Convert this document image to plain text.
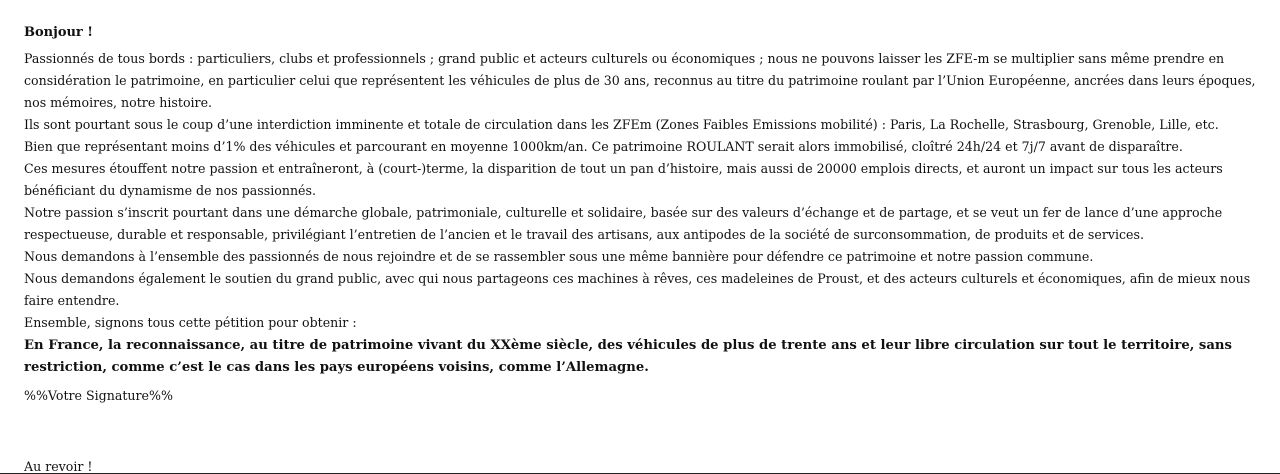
Bonjour !

Passionnés de tous bords : particuliers, clubs et professionnels ; grand public et acteurs culturels ou économiques ; nous ne pouvons laisser les ZFE-m se multiplier sans même prendre en considération le patrimoine, en particulier celui que représentent les véhicules de plus de 30 ans, reconnus au titre du patrimoine roulant par l’Union Européenne, ancrées dans leurs époques, nos mémoires, notre histoire.

Ils sont pourtant sous le coup d’une interdiction imminente et totale de circulation dans les ZFEm (Zones Faibles Emissions mobilité) : Paris, La Rochelle, Strasbourg, Grenoble, Lille, etc.

Bien que représentant moins d’1% des véhicules et parcourant en moyenne 1000km/an. Ce patrimoine ROULANT serait alors immobilisé, cloîtré 24h/24 et 7j/7 avant de disparaître.

Ces mesures étouffent notre passion et entraîneront, à (court-)terme, la disparition de tout un pan d’histoire, mais aussi de 20000 emplois directs, et auront un impact sur tous les acteurs bénéficiant du dynamisme de nos passionnés.

Notre passion s’inscrit pourtant dans une démarche globale, patrimoniale, culturelle et solidaire, basée sur des valeurs d’échange et de partage, et se veut un fer de lance d’une approche respectueuse, durable et responsable, privilégiant l’entretien de l’ancien et le travail des artisans, aux antipodes de la société de surconsommation, de produits et de services.

Nous demandons à l’ensemble des passionnés de nous rejoindre et de se rassembler sous une même bannière pour défendre ce patrimoine et notre passion commune.

Nous demandons également le soutien du grand public, avec qui nous partageons ces machines à rêves, ces madeleines de Proust, et des acteurs culturels et économiques, afin de mieux nous faire entendre.

Ensemble, signons tous cette pétition pour obtenir :

En France, la reconnaissance, au titre de patrimoine vivant du XXème siècle, des véhicules de plus de trente ans et leur libre circulation sur tout le territoire, sans restriction, comme c’est le cas dans les pays européens voisins, comme l’Allemagne.

%%Votre Signature%%

Au revoir !
